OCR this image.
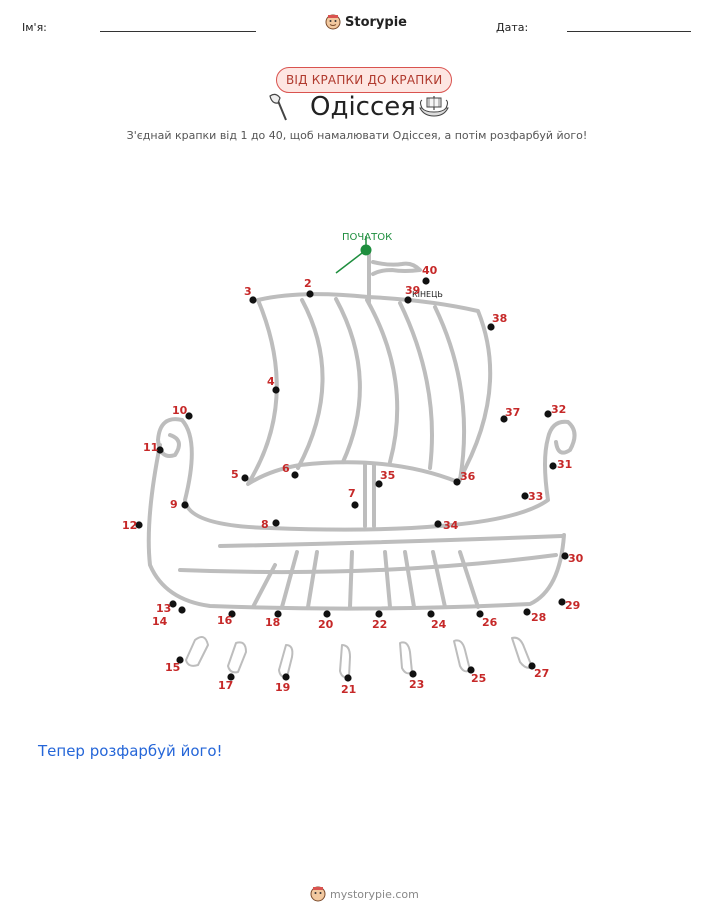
Ім'я:	Storypie	Дата:
ВІД КРАПКИ ДО КРАПКИ
Одіссея
З'єднай крапки від 1 до 40, щоб намалювати Одіссея, а потім розфарбуй його!
ПОЧАТОК
КІНЕЦЬ
2
3
4
5	6
7
8
9
10
11
12
13
14
15
16
17
18
19
20
21
22
23
24
25
26
27
28
29
30
31
32
33
34
35	36
37
38
39
40
Тепер розфарбуй його!
mystorypie.com
